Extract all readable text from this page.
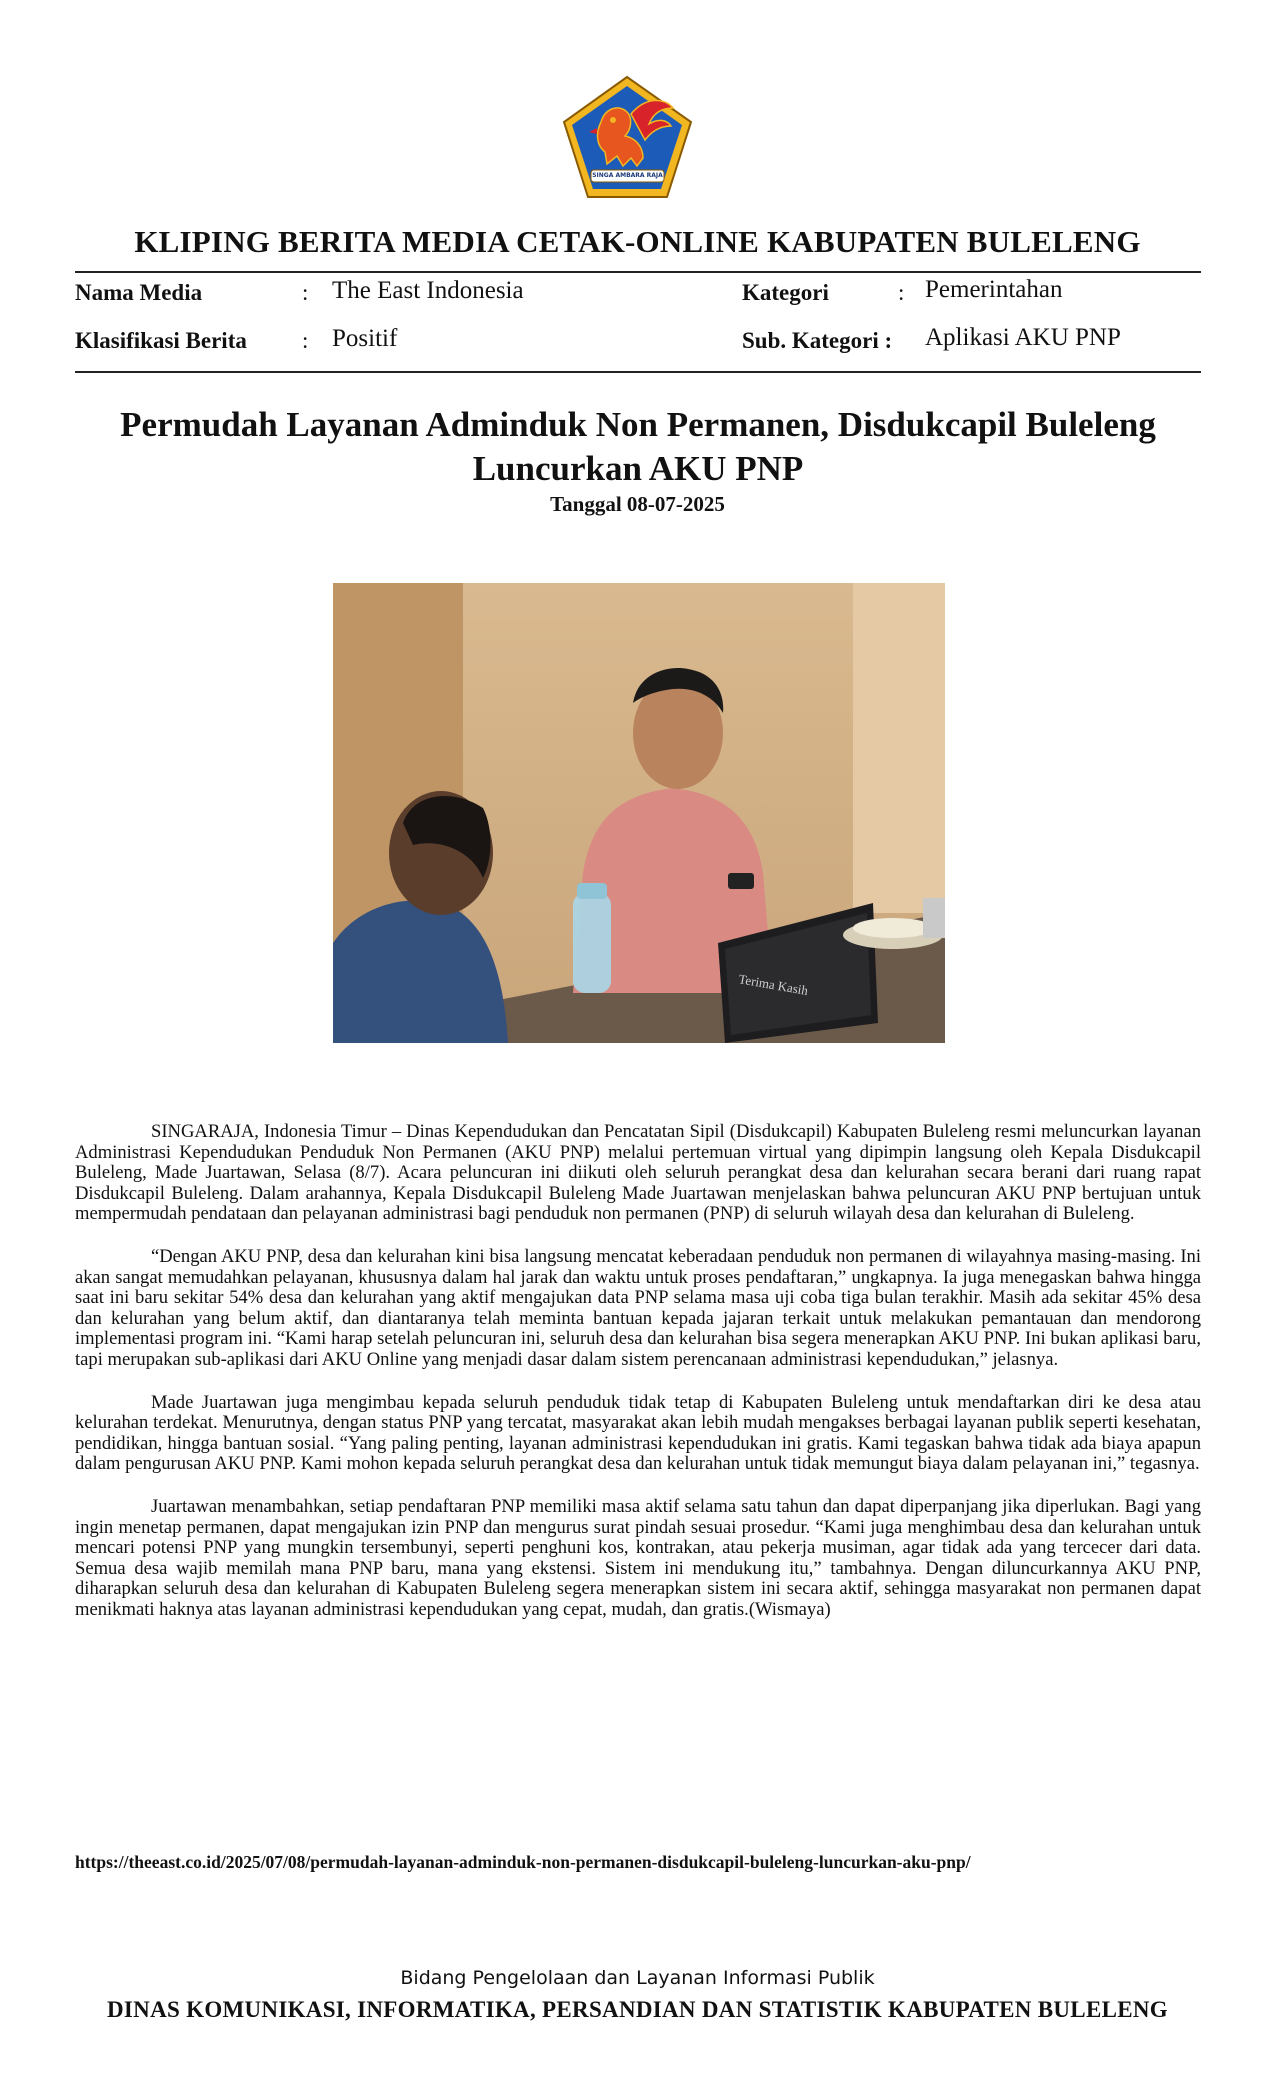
SINGA AMBARA RAJA
KLIPING BERITA MEDIA CETAK-ONLINE KABUPATEN BULELENG
Nama Media	: The East Indonesia
Klasifikasi Berita : Positif
Kategori	: Pemerintahan
Sub. Kategori : Aplikasi AKU PNP
Permudah Layanan Adminduk Non Permanen, Disdukcapil Buleleng
Luncurkan AKU PNP
Tanggal 08-07-2025
Terima Kasih

SINGARAJA, Indonesia Timur – Dinas Kependudukan dan Pencatatan Sipil (Disdukcapil) Kabupaten Buleleng resmi meluncurkan layanan Administrasi Kependudukan Penduduk Non Permanen (AKU PNP) melalui pertemuan virtual yang dipimpin langsung oleh Kepala Disdukcapil Buleleng, Made Juartawan, Selasa (8/7). Acara peluncuran ini diikuti oleh seluruh perangkat desa dan kelurahan secara berani dari ruang rapat Disdukcapil Buleleng. Dalam arahannya, Kepala Disdukcapil Buleleng Made Juartawan menjelaskan bahwa peluncuran AKU PNP bertujuan untuk mempermudah pendataan dan pelayanan administrasi bagi penduduk non permanen (PNP) di seluruh wilayah desa dan kelurahan di Buleleng.

“Dengan AKU PNP, desa dan kelurahan kini bisa langsung mencatat keberadaan penduduk non permanen di wilayahnya masing-masing. Ini akan sangat memudahkan pelayanan, khususnya dalam hal jarak dan waktu untuk proses pendaftaran,” ungkapnya. Ia juga menegaskan bahwa hingga saat ini baru sekitar 54% desa dan kelurahan yang aktif mengajukan data PNP selama masa uji coba tiga bulan terakhir. Masih ada sekitar 45% desa dan kelurahan yang belum aktif, dan diantaranya telah meminta bantuan kepada jajaran terkait untuk melakukan pemantauan dan mendorong implementasi program ini. “Kami harap setelah peluncuran ini, seluruh desa dan kelurahan bisa segera menerapkan AKU PNP. Ini bukan aplikasi baru, tapi merupakan sub-aplikasi dari AKU Online yang menjadi dasar dalam sistem perencanaan administrasi kependudukan,” jelasnya.

Made Juartawan juga mengimbau kepada seluruh penduduk tidak tetap di Kabupaten Buleleng untuk mendaftarkan diri ke desa atau kelurahan terdekat. Menurutnya, dengan status PNP yang tercatat, masyarakat akan lebih mudah mengakses berbagai layanan publik seperti kesehatan, pendidikan, hingga bantuan sosial. “Yang paling penting, layanan administrasi kependudukan ini gratis. Kami tegaskan bahwa tidak ada biaya apapun dalam pengurusan AKU PNP. Kami mohon kepada seluruh perangkat desa dan kelurahan untuk tidak memungut biaya dalam pelayanan ini,” tegasnya.

Juartawan menambahkan, setiap pendaftaran PNP memiliki masa aktif selama satu tahun dan dapat diperpanjang jika diperlukan. Bagi yang ingin menetap permanen, dapat mengajukan izin PNP dan mengurus surat pindah sesuai prosedur. “Kami juga menghimbau desa dan kelurahan untuk mencari potensi PNP yang mungkin tersembunyi, seperti penghuni kos, kontrakan, atau pekerja musiman, agar tidak ada yang tercecer dari data. Semua desa wajib memilah mana PNP baru, mana yang ekstensi. Sistem ini mendukung itu,” tambahnya. Dengan diluncurkannya AKU PNP, diharapkan seluruh desa dan kelurahan di Kabupaten Buleleng segera menerapkan sistem ini secara aktif, sehingga masyarakat non permanen dapat menikmati haknya atas layanan administrasi kependudukan yang cepat, mudah, dan gratis.(Wismaya)

https://theeast.co.id/2025/07/08/permudah-layanan-adminduk-non-permanen-disdukcapil-buleleng-luncurkan-aku-pnp/
Bidang Pengelolaan dan Layanan Informasi Publik
DINAS KOMUNIKASI, INFORMATIKA, PERSANDIAN DAN STATISTIK KABUPATEN BULELENG
